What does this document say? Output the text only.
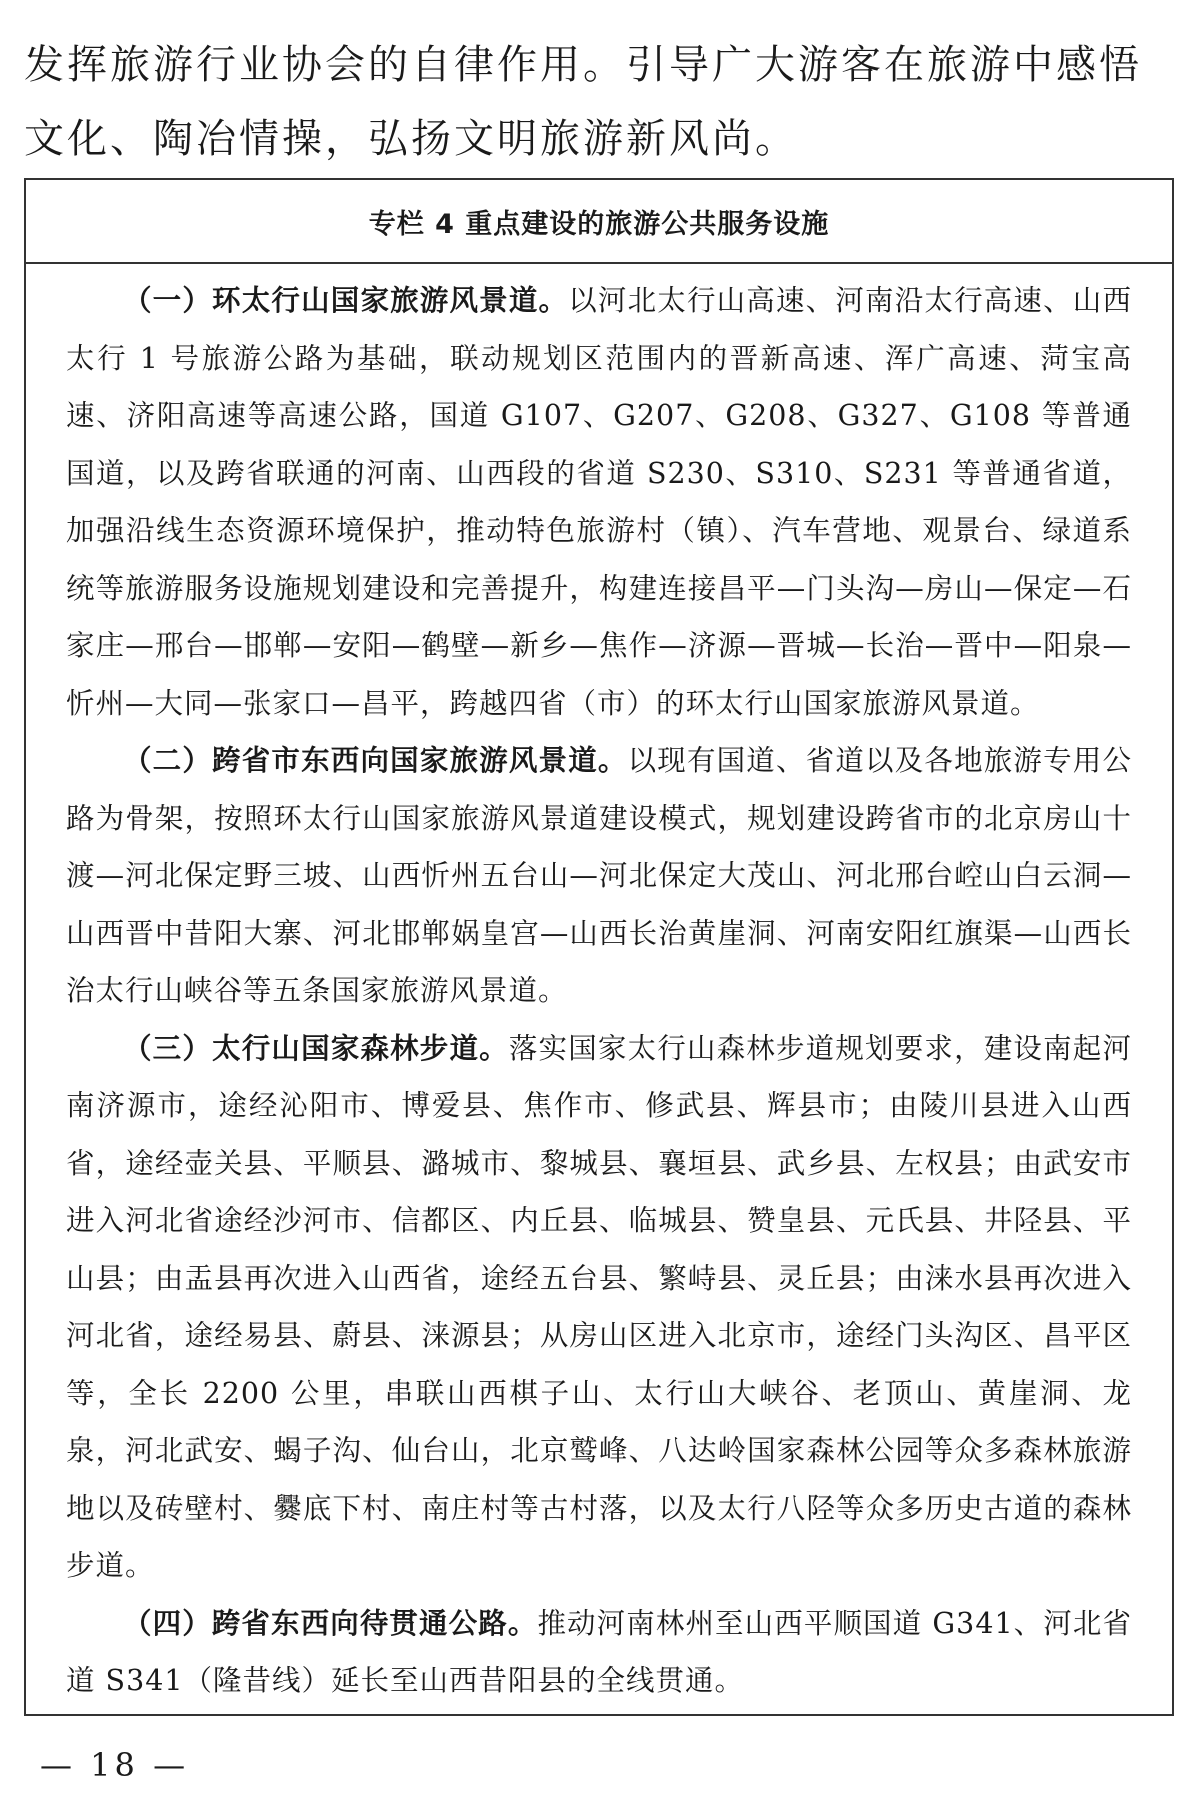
发挥旅游行业协会的自律作用。引导广大游客在旅游中感悟文化、陶冶情操，弘扬文明旅游新风尚。

专栏 4 重点建设的旅游公共服务设施

（一）环太行山国家旅游风景道。以河北太行山高速、河南沿太行高速、山西太行 1 号旅游公路为基础，联动规划区范围内的晋新高速、浑广高速、菏宝高速、济阳高速等高速公路，国道 G107、G207、G208、G327、G108 等普通国道，以及跨省联通的河南、山西段的省道 S230、S310、S231 等普通省道，加强沿线生态资源环境保护，推动特色旅游村（镇）、汽车营地、观景台、绿道系统等旅游服务设施规划建设和完善提升，构建连接昌平—门头沟—房山—保定—石家庄—邢台—邯郸—安阳—鹤壁—新乡—焦作—济源—晋城—长治—晋中—阳泉—忻州—大同—张家口—昌平，跨越四省（市）的环太行山国家旅游风景道。

（二）跨省市东西向国家旅游风景道。以现有国道、省道以及各地旅游专用公路为骨架，按照环太行山国家旅游风景道建设模式，规划建设跨省市的北京房山十渡—河北保定野三坡、山西忻州五台山—河北保定大茂山、河北邢台崆山白云洞—山西晋中昔阳大寨、河北邯郸娲皇宫—山西长治黄崖洞、河南安阳红旗渠—山西长治太行山峡谷等五条国家旅游风景道。

（三）太行山国家森林步道。落实国家太行山森林步道规划要求，建设南起河南济源市，途经沁阳市、博爱县、焦作市、修武县、辉县市；由陵川县进入山西省，途经壶关县、平顺县、潞城市、黎城县、襄垣县、武乡县、左权县；由武安市进入河北省途经沙河市、信都区、内丘县、临城县、赞皇县、元氏县、井陉县、平山县；由盂县再次进入山西省，途经五台县、繁峙县、灵丘县；由涞水县再次进入河北省，途经易县、蔚县、涞源县；从房山区进入北京市，途经门头沟区、昌平区等，全长 2200 公里，串联山西棋子山、太行山大峡谷、老顶山、黄崖洞、龙泉，河北武安、蝎子沟、仙台山，北京鹫峰、八达岭国家森林公园等众多森林旅游地以及砖壁村、爨底下村、南庄村等古村落，以及太行八陉等众多历史古道的森林步道。

（四）跨省东西向待贯通公路。推动河南林州至山西平顺国道 G341、河北省道 S341（隆昔线）延长至山西昔阳县的全线贯通。

— 18 —
